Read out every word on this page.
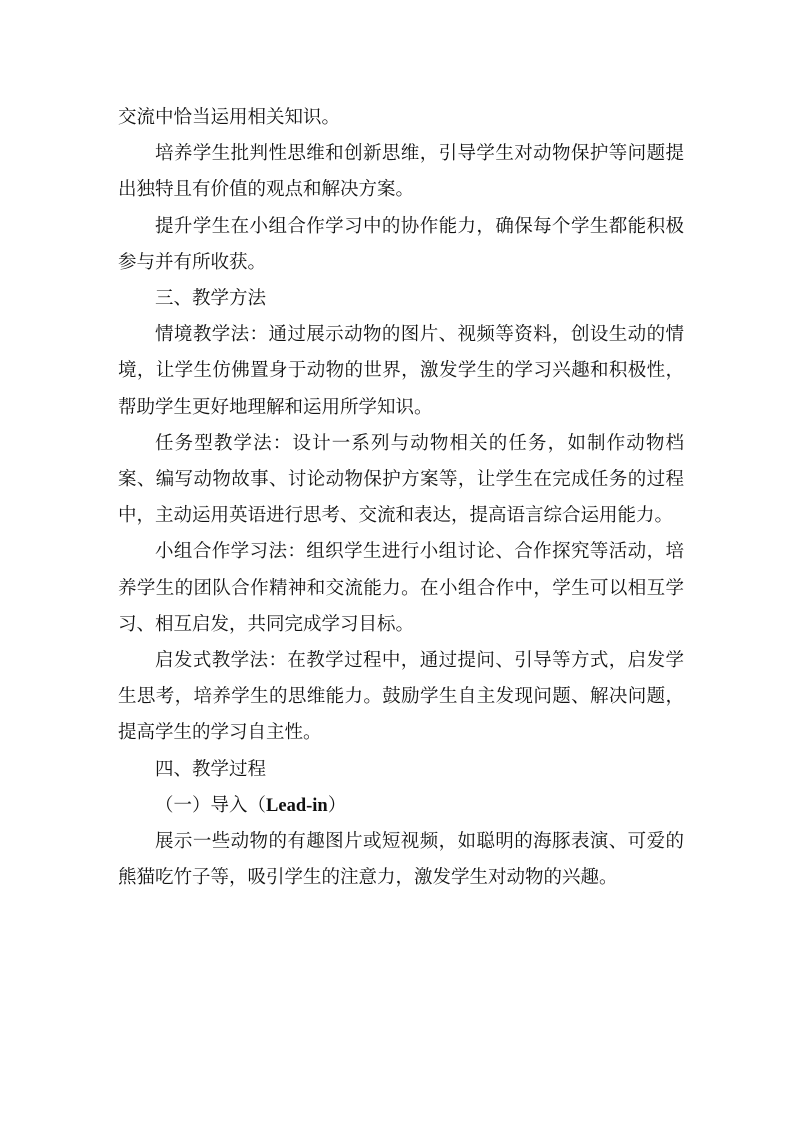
交流中恰当运用相关知识。

培养学生批判性思维和创新思维，引导学生对动物保护等问题提出独特且有价值的观点和解决方案。

提升学生在小组合作学习中的协作能力，确保每个学生都能积极参与并有所收获。

三、教学方法

情境教学法：通过展示动物的图片、视频等资料，创设生动的情境，让学生仿佛置身于动物的世界，激发学生的学习兴趣和积极性，帮助学生更好地理解和运用所学知识。

任务型教学法：设计一系列与动物相关的任务，如制作动物档案、编写动物故事、讨论动物保护方案等，让学生在完成任务的过程中，主动运用英语进行思考、交流和表达，提高语言综合运用能力。

小组合作学习法：组织学生进行小组讨论、合作探究等活动，培养学生的团队合作精神和交流能力。在小组合作中，学生可以相互学习、相互启发，共同完成学习目标。

启发式教学法：在教学过程中，通过提问、引导等方式，启发学生思考，培养学生的思维能力。鼓励学生自主发现问题、解决问题，提高学生的学习自主性。

四、教学过程

（一）导入（Lead-in）

展示一些动物的有趣图片或短视频，如聪明的海豚表演、可爱的熊猫吃竹子等，吸引学生的注意力，激发学生对动物的兴趣。
